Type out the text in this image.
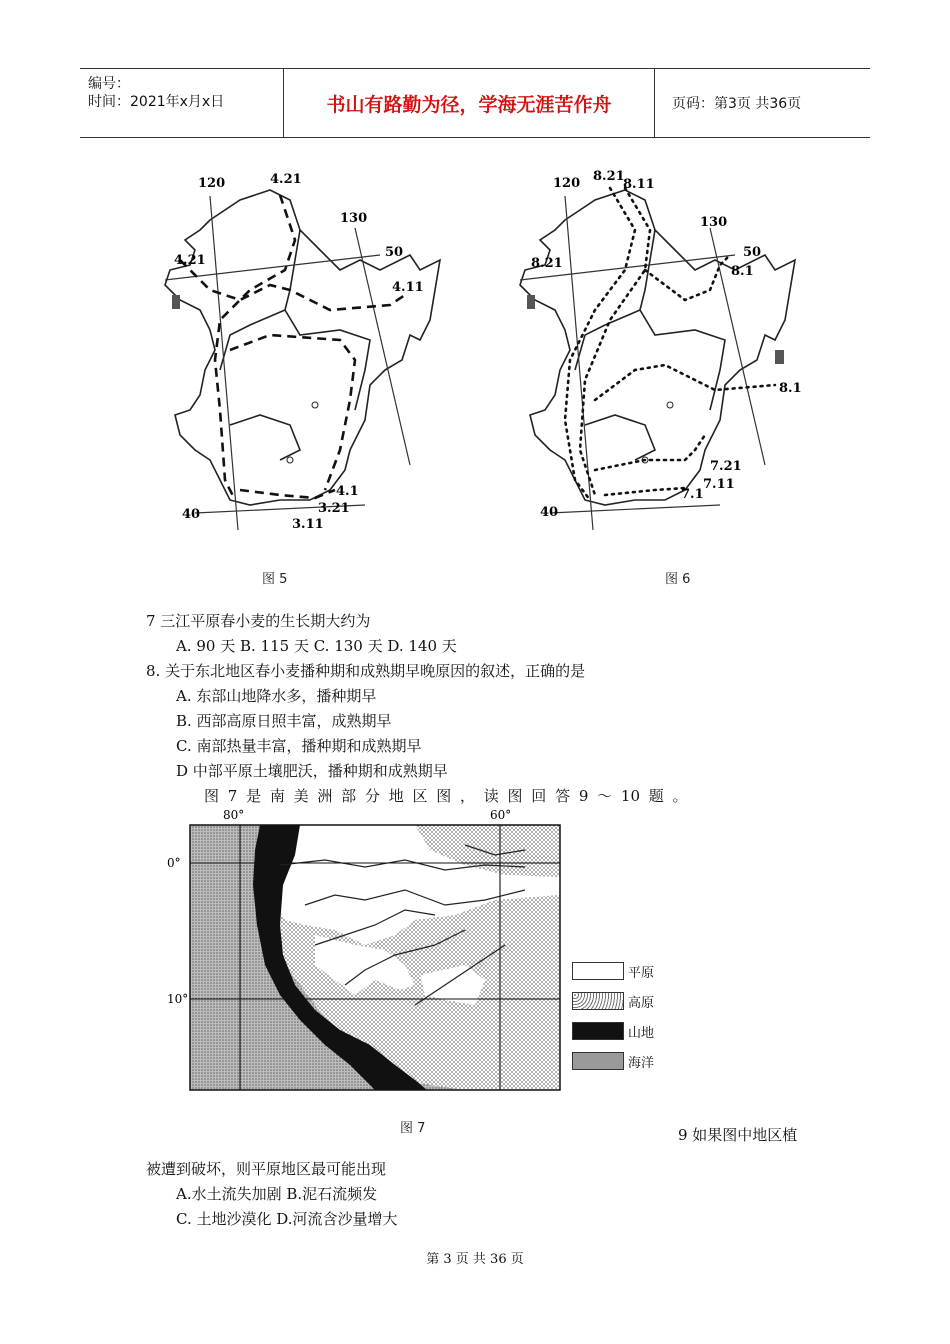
编号：
时间：2021年x月x日	书山有路勤为径，学海无涯苦作舟	页码：第3页 共36页
120	4.21
130
50
4.21
4.11
4.1
3.21
3.11
40
图 5
120 8.21
8.11
130
50
8.1
8.21
8.1
7.21
7.11
7.1
40
图 6
7 三江平原春小麦的生长期大约为
A. 90 天 B. 115 天 C. 130 天 D. 140 天
8. 关于东北地区春小麦播种期和成熟期早晚原因的叙述，正确的是
A. 东部山地降水多，播种期早
B. 西部高原日照丰富，成熟期早
C. 南部热量丰富，播种期和成熟期早
D 中部平原土壤肥沃，播种期和成熟期早
图 7 是 南 美 洲 部 分 地 区 图 ， 读 图 回 答 9 ～ 10 题 。
80°	60°
0°
10°
图 7
平原
高原
山地
海洋
9 如果图中地区植
被遭到破坏，则平原地区最可能出现
A.水土流失加剧 B.泥石流频发
C. 土地沙漠化 D.河流含沙量增大
第 3 页 共 36 页
